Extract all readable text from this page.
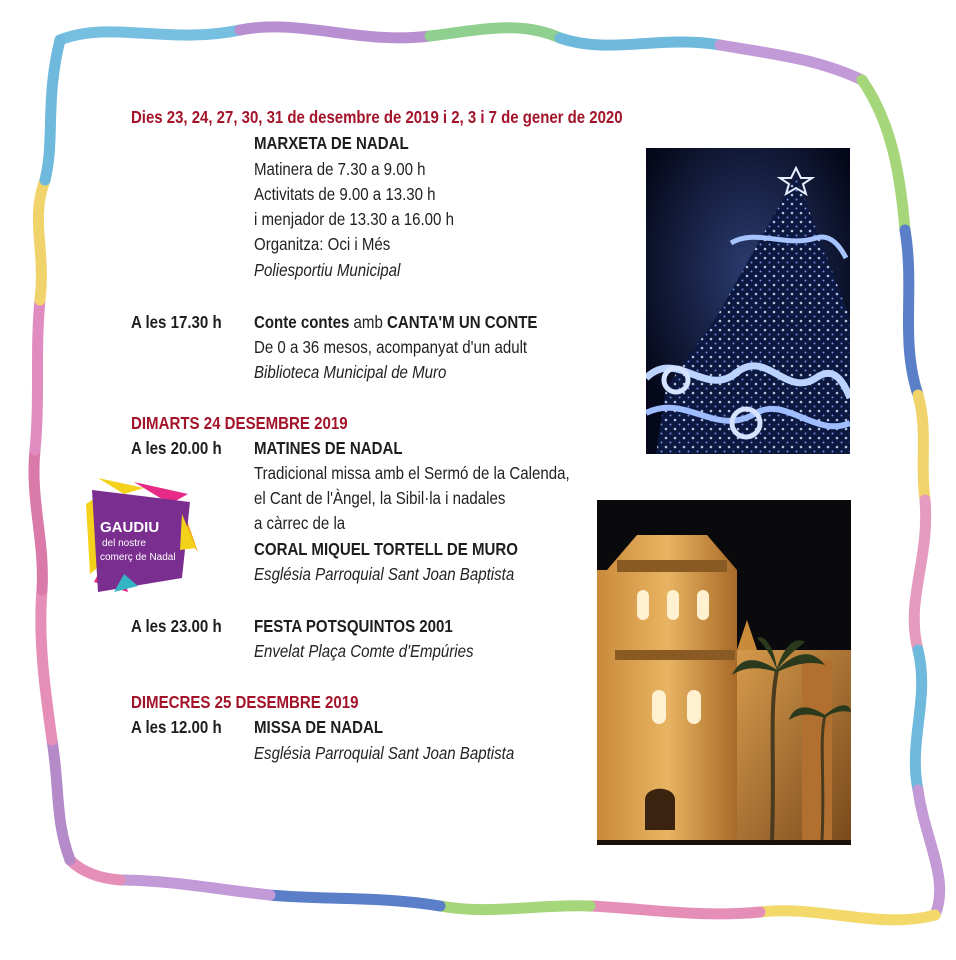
GAUDIU
del nostre
comerç de Nadal
Dies 23, 24, 27, 30, 31 de desembre de 2019 i 2, 3 i 7 de gener de 2020
MARXETA DE NADAL
Matinera de 7.30 a 9.00 h
Activitats de 9.00 a 13.30 h
i menjador de 13.30 a 16.00 h
Organitza: Oci i Més
Poliesportiu Municipal
A les 17.30 h Conte contes amb CANTA'M UN CONTE
De 0 a 36 mesos, acompanyat d'un adult
Biblioteca Municipal de Muro
DIMARTS 24 DESEMBRE 2019
A les 20.00 h MATINES DE NADAL
Tradicional missa amb el Sermó de la Calenda,
el Cant de l'Àngel, la Sibil·la i nadales
a càrrec de la
CORAL MIQUEL TORTELL DE MURO
Església Parroquial Sant Joan Baptista
A les 23.00 h FESTA POTSQUINTOS 2001
Envelat Plaça Comte d'Empúries
DIMECRES 25 DESEMBRE 2019
A les 12.00 h MISSA DE NADAL
Església Parroquial Sant Joan Baptista
